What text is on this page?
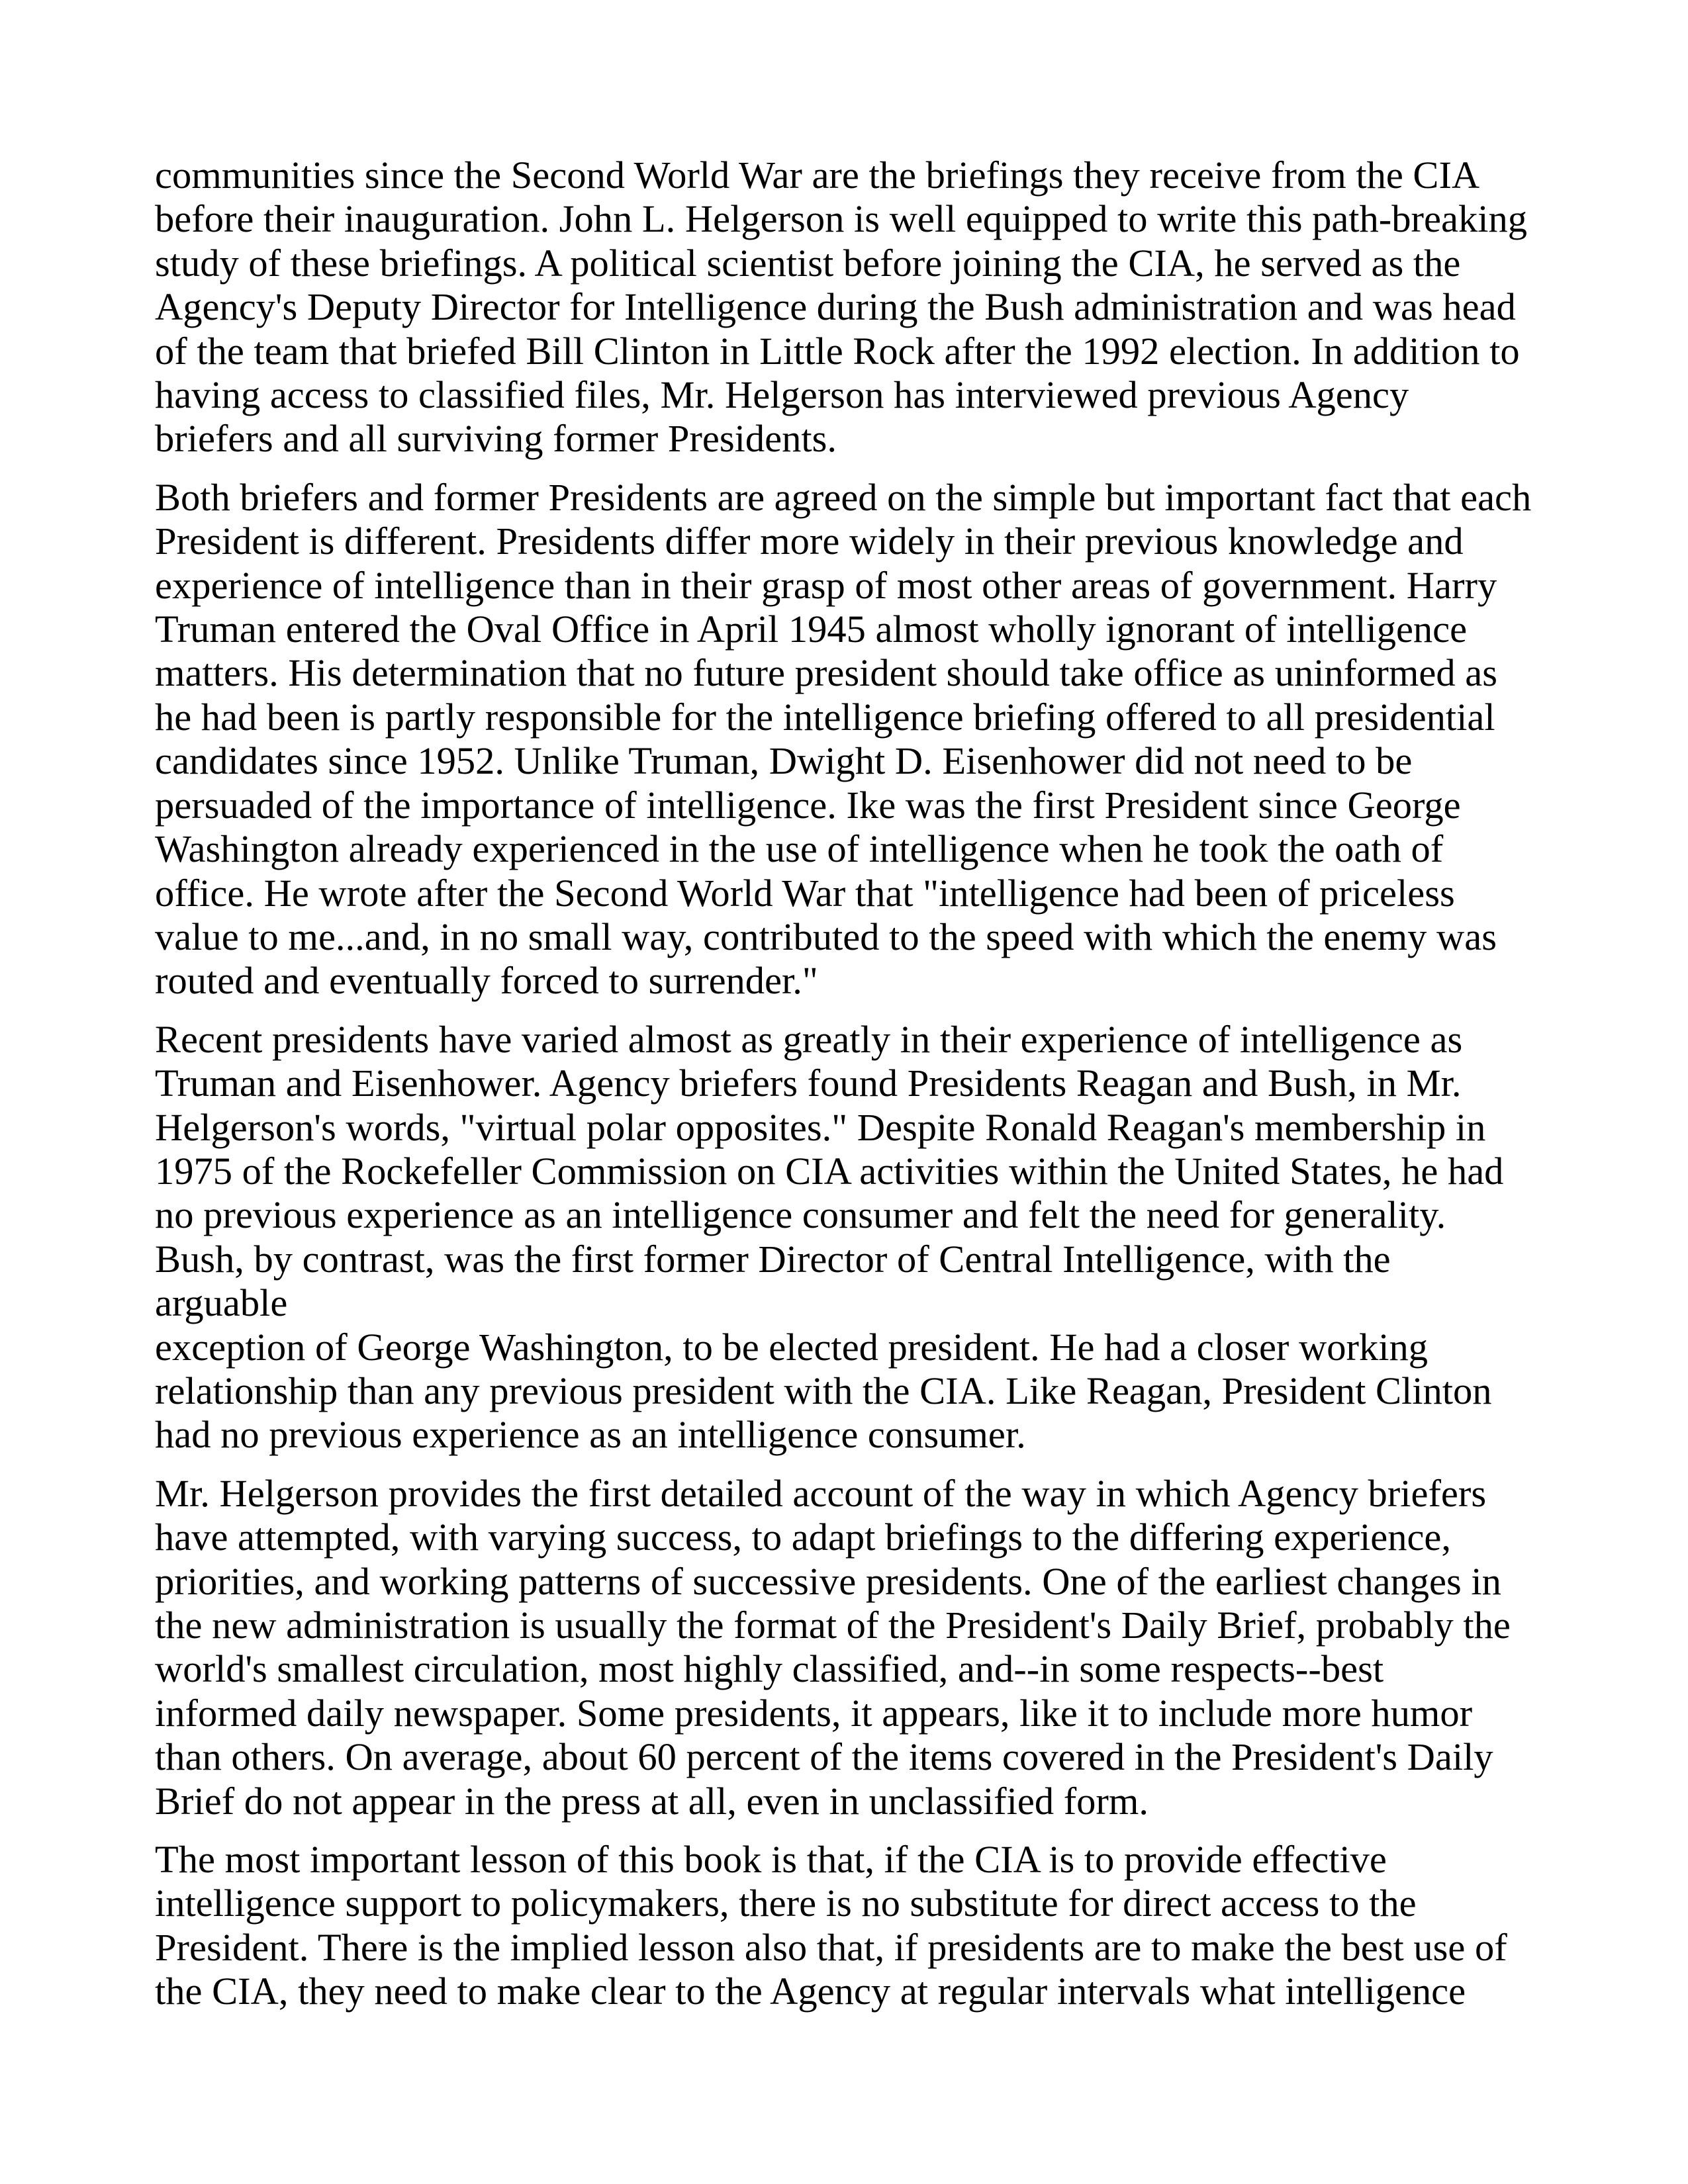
communities since the Second World War are the briefings they receive from the CIA
before their inauguration. John L. Helgerson is well equipped to write this path-breaking
study of these briefings. A political scientist before joining the CIA, he served as the
Agency's Deputy Director for Intelligence during the Bush administration and was head
of the team that briefed Bill Clinton in Little Rock after the 1992 election. In addition to
having access to classified files, Mr. Helgerson has interviewed previous Agency
briefers and all surviving former Presidents.

Both briefers and former Presidents are agreed on the simple but important fact that each
President is different. Presidents differ more widely in their previous knowledge and
experience of intelligence than in their grasp of most other areas of government. Harry
Truman entered the Oval Office in April 1945 almost wholly ignorant of intelligence
matters. His determination that no future president should take office as uninformed as
he had been is partly responsible for the intelligence briefing offered to all presidential
candidates since 1952. Unlike Truman, Dwight D. Eisenhower did not need to be
persuaded of the importance of intelligence. Ike was the first President since George
Washington already experienced in the use of intelligence when he took the oath of
office. He wrote after the Second World War that "intelligence had been of priceless
value to me...and, in no small way, contributed to the speed with which the enemy was
routed and eventually forced to surrender."

Recent presidents have varied almost as greatly in their experience of intelligence as
Truman and Eisenhower. Agency briefers found Presidents Reagan and Bush, in Mr.
Helgerson's words, "virtual polar opposites." Despite Ronald Reagan's membership in
1975 of the Rockefeller Commission on CIA activities within the United States, he had
no previous experience as an intelligence consumer and felt the need for generality.
Bush, by contrast, was the first former Director of Central Intelligence, with the arguable
exception of George Washington, to be elected president. He had a closer working
relationship than any previous president with the CIA. Like Reagan, President Clinton
had no previous experience as an intelligence consumer.

Mr. Helgerson provides the first detailed account of the way in which Agency briefers
have attempted, with varying success, to adapt briefings to the differing experience,
priorities, and working patterns of successive presidents. One of the earliest changes in
the new administration is usually the format of the President's Daily Brief, probably the
world's smallest circulation, most highly classified, and--in some respects--best
informed daily newspaper. Some presidents, it appears, like it to include more humor
than others. On average, about 60 percent of the items covered in the President's Daily
Brief do not appear in the press at all, even in unclassified form.

The most important lesson of this book is that, if the CIA is to provide effective
intelligence support to policymakers, there is no substitute for direct access to the
President. There is the implied lesson also that, if presidents are to make the best use of
the CIA, they need to make clear to the Agency at regular intervals what intelligence
